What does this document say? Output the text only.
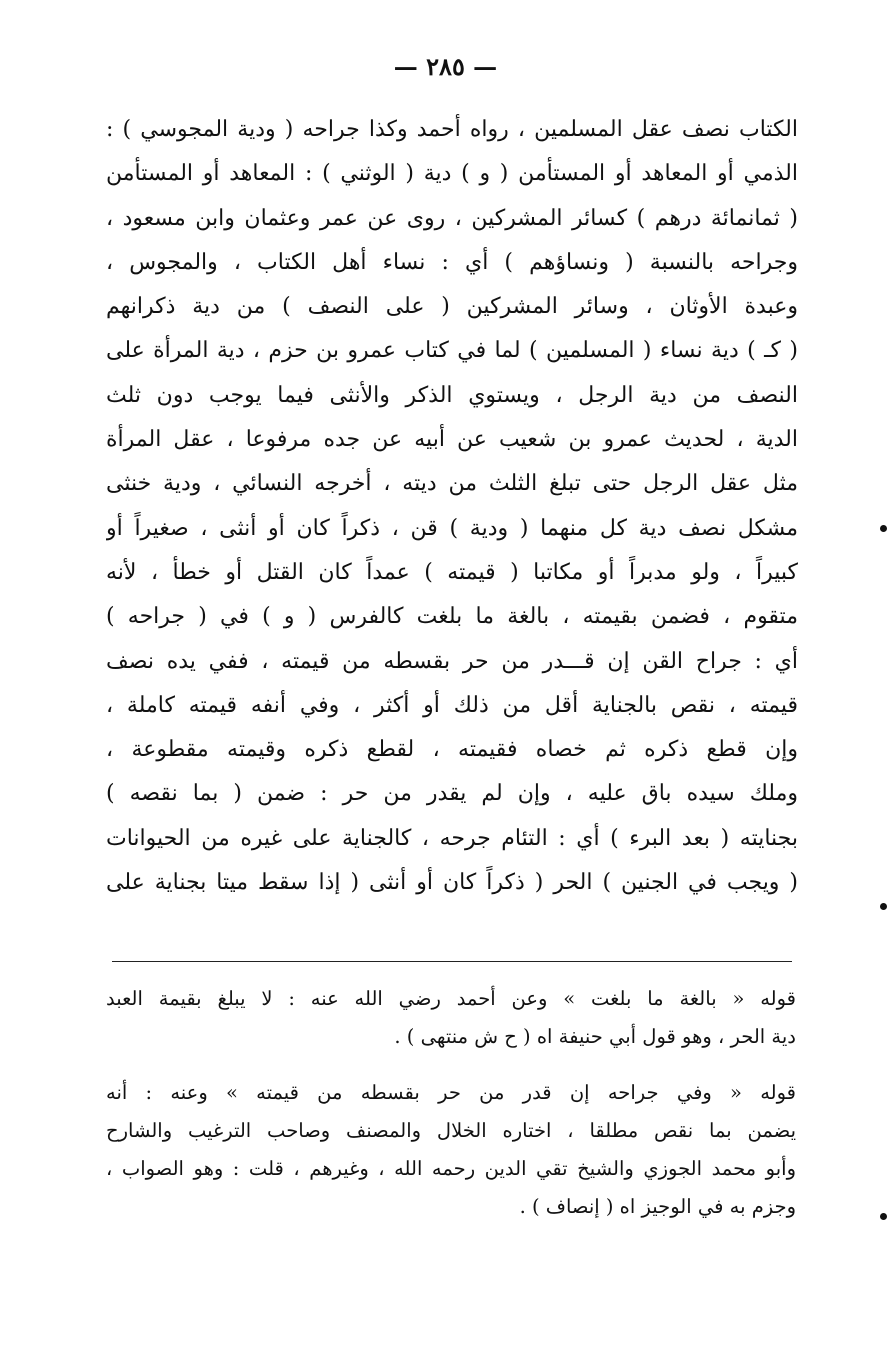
— ٢٨٥ —
الكتاب نصف عقل المسلمين ، رواه أحمد وكذا جراحه ( ودية المجوسي ) :
الذمي أو المعاهد أو المستأمن ( و ) دية ( الوثني ) : المعاهد أو المستأمن
( ثمانمائة درهم ) كسائر المشركين ، روى عن عمر وعثمان وابن مسعود ،
وجراحه بالنسبة ( ونساؤهم ) أي : نساء أهل الكتاب ، والمجوس ،
وعبدة الأوثان ، وسائر المشركين ( على النصف ) من دية ذكرانهم
( كـ ) دية نساء ( المسلمين ) لما في كتاب عمرو بن حزم ، دية المرأة على
النصف من دية الرجل ، ويستوي الذكر والأنثى فيما يوجب دون ثلث
الدية ، لحديث عمرو بن شعيب عن أبيه عن جده مرفوعا ، عقل المرأة
مثل عقل الرجل حتى تبلغ الثلث من ديته ، أخرجه النسائي ، ودية خنثى
مشكل نصف دية كل منهما ( ودية ) قن ، ذكراً كان أو أنثى ، صغيراً أو
كبيراً ، ولو مدبراً أو مكاتبا ( قيمته ) عمداً كان القتل أو خطأ ، لأنه
متقوم ، فضمن بقيمته ، بالغة ما بلغت كالفرس ( و ) في ( جراحه )
أي : جراح القن إن قـــدر من حر بقسطه من قيمته ، ففي يده نصف
قيمته ، نقص بالجناية أقل من ذلك أو أكثر ، وفي أنفه قيمته كاملة ،
وإن قطع ذكره ثم خصاه فقيمته ، لقطع ذكره وقيمته مقطوعة ،
وملك سيده باق عليه ، وإن لم يقدر من حر : ضمن ( بما نقصه )
بجنايته ( بعد البرء ) أي : التئام جرحه ، كالجناية على غيره من الحيوانات
( ويجب في الجنين ) الحر ( ذكراً كان أو أنثى ( إذا سقط ميتا بجناية على
قوله « بالغة ما بلغت » وعن أحمد رضي الله عنه : لا يبلغ بقيمة العبد
دية الحر ، وهو قول أبي حنيفة اه ( ح ش منتهى ) .
قوله « وفي جراحه إن قدر من حر بقسطه من قيمته » وعنه : أنه
يضمن بما نقص مطلقا ، اختاره الخلال والمصنف وصاحب الترغيب والشارح
وأبو محمد الجوزي والشيخ تقي الدين رحمه الله ، وغيرهم ، قلت : وهو الصواب ،
وجزم به في الوجيز اه ( إنصاف ) .
